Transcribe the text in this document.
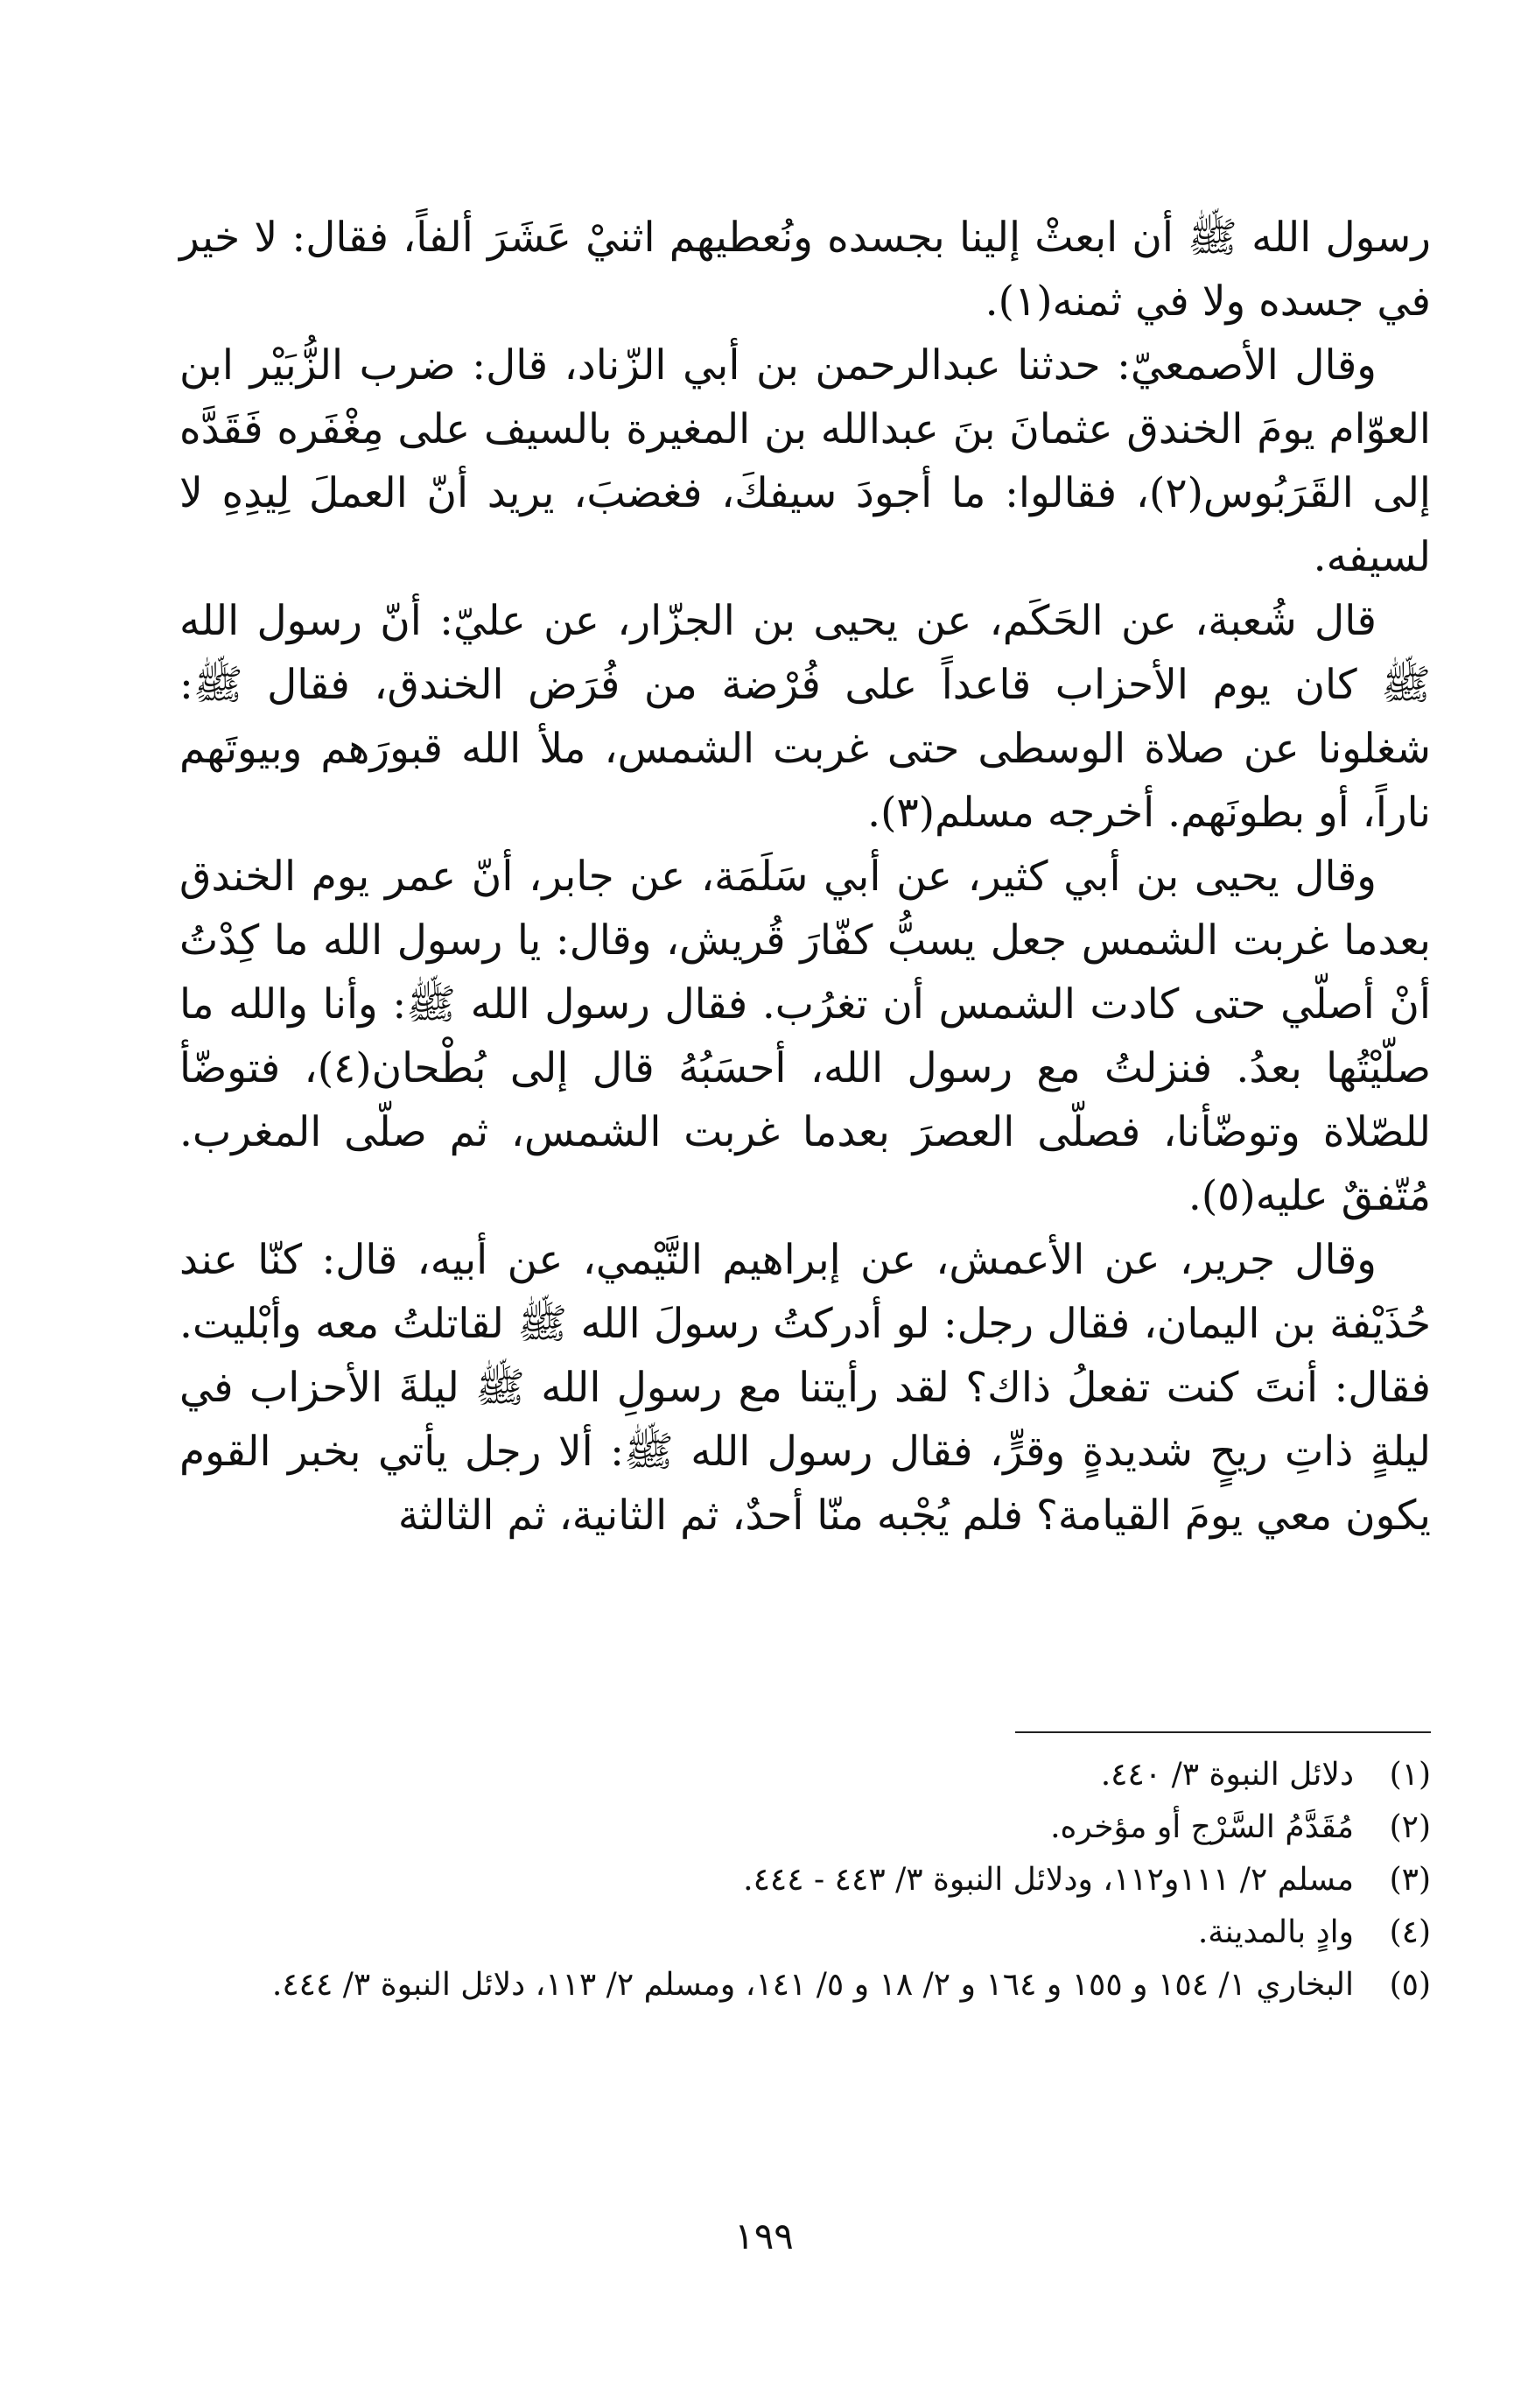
رسول الله ﷺ أن ابعثْ إلينا بجسده ونُعطيهم اثنيْ عَشَرَ ألفاً، فقال: لا خير في جسده ولا في ثمنه(١).

وقال الأصمعيّ: حدثنا عبدالرحمن بن أبي الزّناد، قال: ضرب الزُّبَيْر ابن العوّام يومَ الخندق عثمانَ بنَ عبدالله بن المغيرة بالسيف على مِغْفَره فَقَدَّه إلى القَرَبُوس(٢)، فقالوا: ما أجودَ سيفكَ، فغضبَ، يريد أنّ العملَ لِيدِهِ لا لسيفه.

قال شُعبة، عن الحَكَم، عن يحيى بن الجزّار، عن عليّ: أنّ رسول الله ﷺ كان يوم الأحزاب قاعداً على فُرْضة من فُرَض الخندق، فقال ﷺ: شغلونا عن صلاة الوسطى حتى غربت الشمس، ملأ الله قبورَهم وبيوتَهم ناراً، أو بطونَهم. أخرجه مسلم(٣).

وقال يحيى بن أبي كثير، عن أبي سَلَمَة، عن جابر، أنّ عمر يوم الخندق بعدما غربت الشمس جعل يسبُّ كفّارَ قُريش، وقال: يا رسول الله ما كِدْتُ أنْ أصلّي حتى كادت الشمس أن تغرُب. فقال رسول الله ﷺ: وأنا والله ما صلّيْتُها بعدُ. فنزلتُ مع رسول الله، أحسَبُهُ قال إلى بُطْحان(٤)، فتوضّأ للصّلاة وتوضّأنا، فصلّى العصرَ بعدما غربت الشمس، ثم صلّى المغرب. مُتّفقٌ عليه(٥).

وقال جرير، عن الأعمش، عن إبراهيم التَّيْمي، عن أبيه، قال: كنّا عند حُذَيْفة بن اليمان، فقال رجل: لو أدركتُ رسولَ الله ﷺ لقاتلتُ معه وأبْليت. فقال: أنتَ كنت تفعلُ ذاك؟ لقد رأيتنا مع رسولِ الله ﷺ ليلةَ الأحزاب في ليلةٍ ذاتِ ريحٍ شديدةٍ وقرٍّ، فقال رسول الله ﷺ: ألا رجل يأتي بخبر القوم يكون معي يومَ القيامة؟ فلم يُجْبه منّا أحدٌ، ثم الثانية، ثم الثالثة

(١)
دلائل النبوة ٣/ ٤٤٠.
(٢)
مُقَدَّمُ السَّرْج أو مؤخره.
(٣)
مسلم ٢/ ١١١و١١٢، ودلائل النبوة ٣/ ٤٤٣ - ٤٤٤.
(٤)
وادٍ بالمدينة.
(٥)
البخاري ١/ ١٥٤ و ١٥٥ و ١٦٤ و ٢/ ١٨ و ٥/ ١٤١، ومسلم ٢/ ١١٣، دلائل النبوة ٣/ ٤٤٤.
١٩٩
